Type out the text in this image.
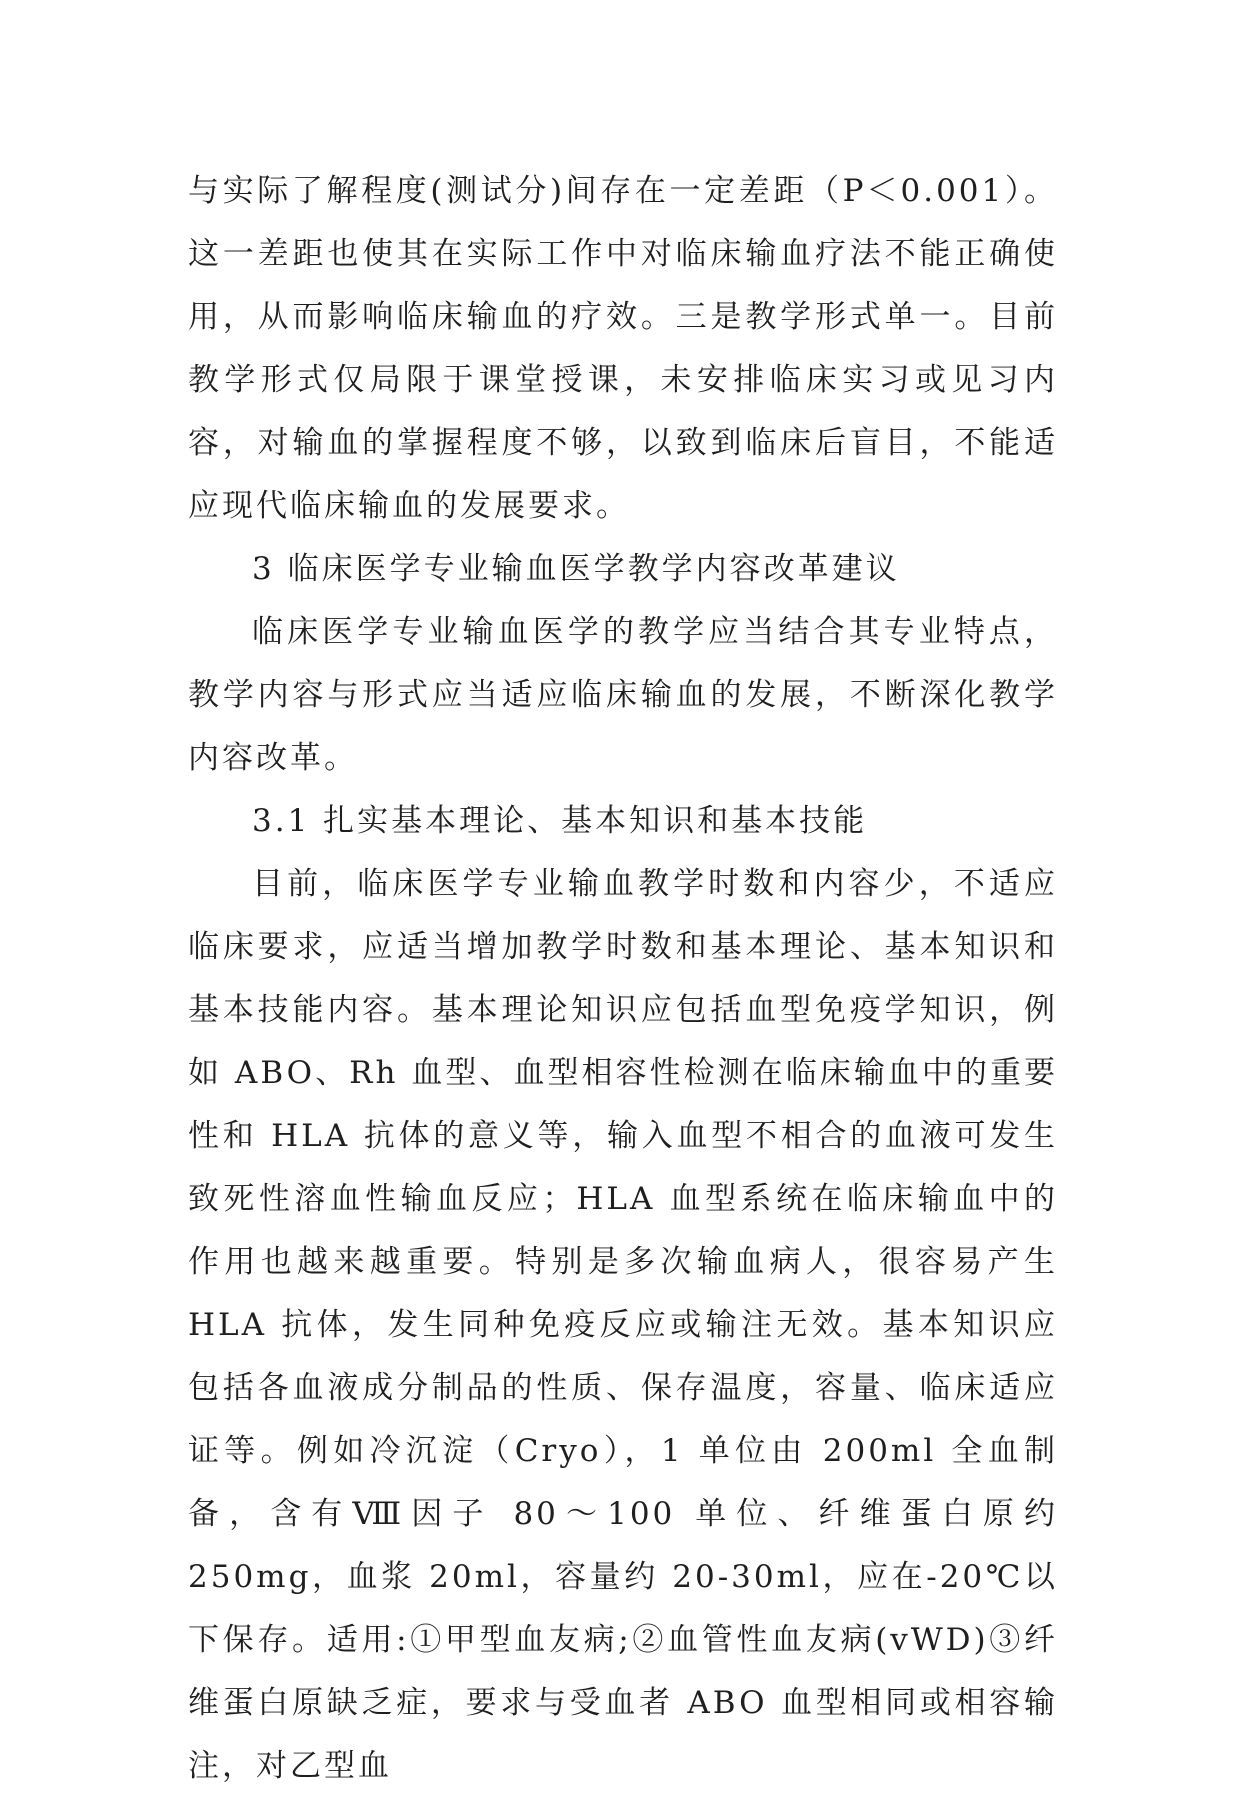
与实际了解程度(测试分)间存在一定差距（P＜0.001）。这一差距也使其在实际工作中对临床输血疗法不能正确使用，从而影响临床输血的疗效。三是教学形式单一。目前教学形式仅局限于课堂授课，未安排临床实习或见习内容，对输血的掌握程度不够，以致到临床后盲目，不能适应现代临床输血的发展要求。

3 临床医学专业输血医学教学内容改革建议

临床医学专业输血医学的教学应当结合其专业特点，教学内容与形式应当适应临床输血的发展，不断深化教学内容改革。

3.1 扎实基本理论、基本知识和基本技能

目前，临床医学专业输血教学时数和内容少，不适应临床要求，应适当增加教学时数和基本理论、基本知识和基本技能内容。基本理论知识应包括血型免疫学知识，例如 ABO、Rh 血型、血型相容性检测在临床输血中的重要性和 HLA 抗体的意义等，输入血型不相合的血液可发生致死性溶血性输血反应；HLA 血型系统在临床输血中的作用也越来越重要。特别是多次输血病人，很容易产生 HLA 抗体，发生同种免疫反应或输注无效。基本知识应包括各血液成分制品的性质、保存温度，容量、临床适应证等。例如冷沉淀（Cryo），1 单位由 200ml 全血制备，含有Ⅷ因子 80～100 单位、纤维蛋白原约 250mg，血浆 20ml，容量约 20-30ml，应在-20℃以下保存。适用:①甲型血友病;②血管性血友病(vWD)③纤维蛋白原缺乏症，要求与受血者 ABO 血型相同或相容输注，对乙型血
